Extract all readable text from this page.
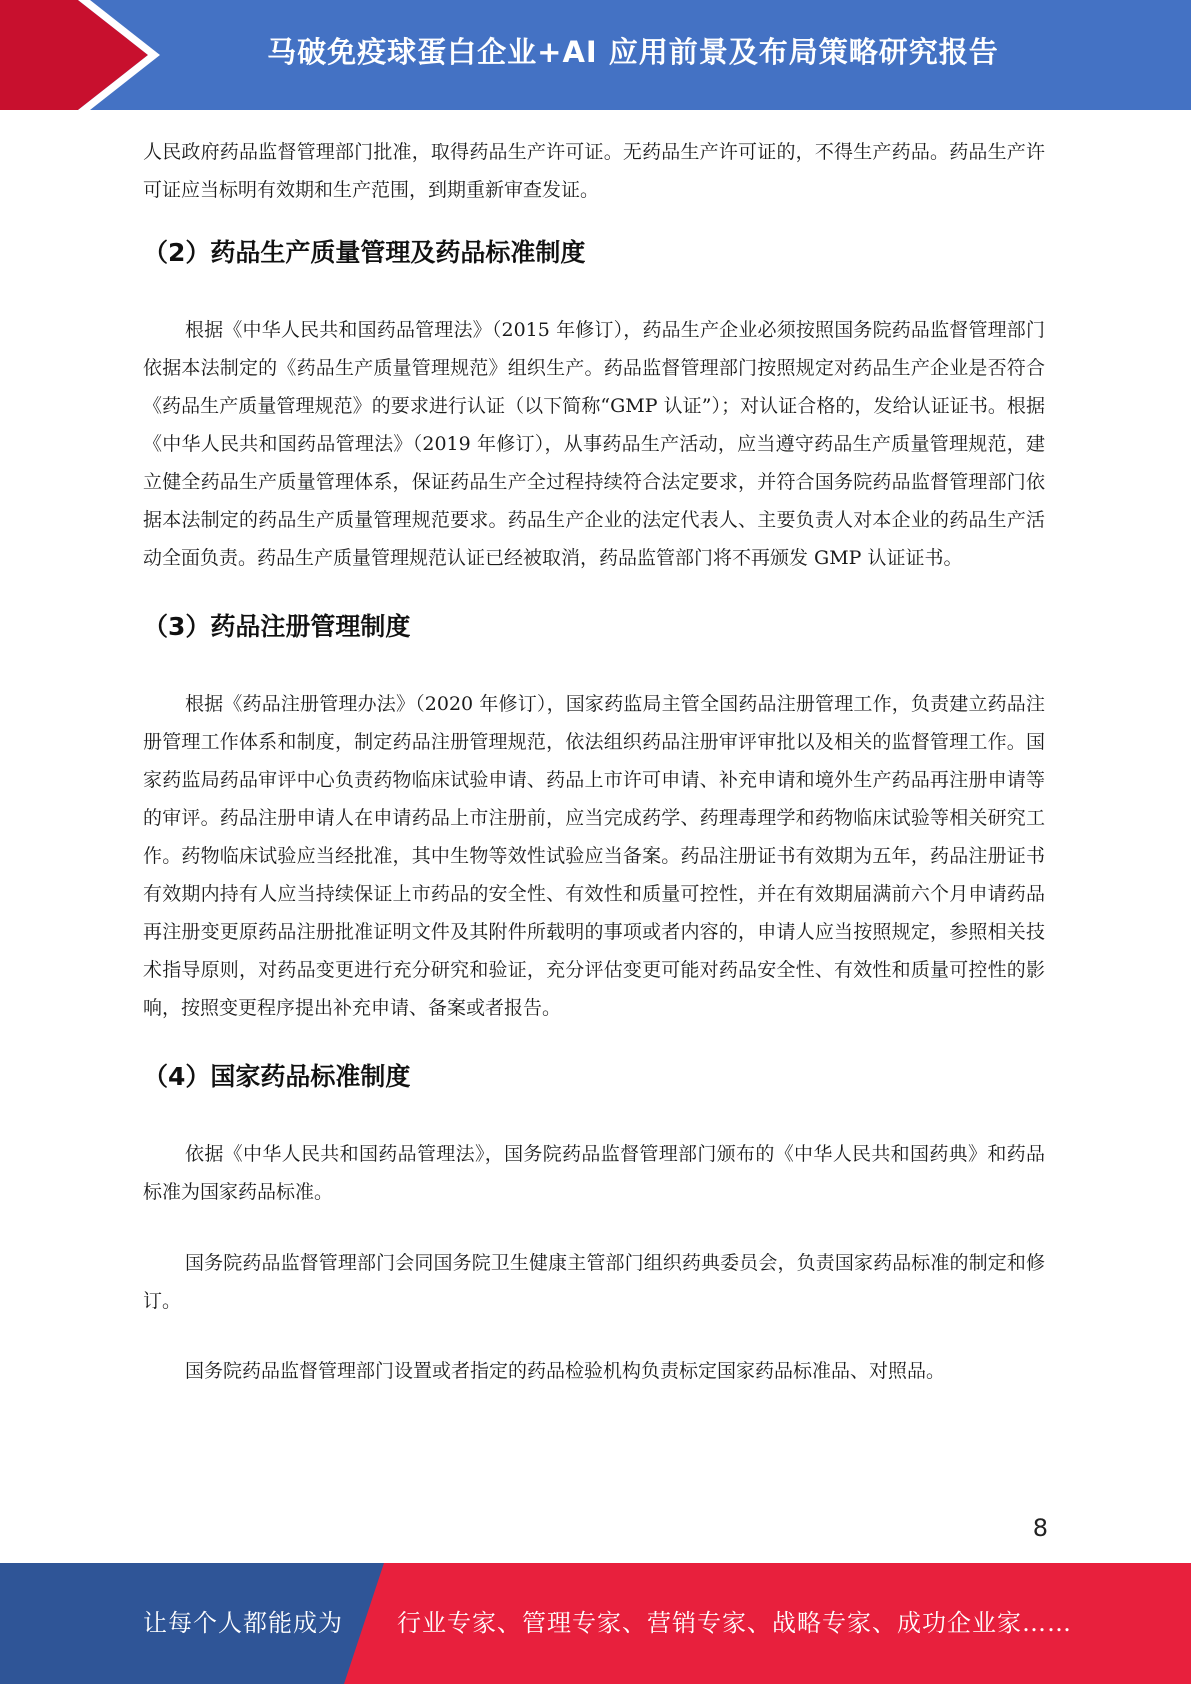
马破免疫球蛋白企业+AI 应用前景及布局策略研究报告

人民政府药品监督管理部门批准，取得药品生产许可证。无药品生产许可证的，不得生产药品。药品生产许可证应当标明有效期和生产范围，到期重新审查发证。

（2）药品生产质量管理及药品标准制度

根据《中华人民共和国药品管理法》（2015 年修订），药品生产企业必须按照国务院药品监督管理部门依据本法制定的《药品生产质量管理规范》组织生产。药品监督管理部门按照规定对药品生产企业是否符合《药品生产质量管理规范》的要求进行认证（以下简称“GMP 认证”）；对认证合格的，发给认证证书。根据《中华人民共和国药品管理法》（2019 年修订），从事药品生产活动，应当遵守药品生产质量管理规范，建立健全药品生产质量管理体系，保证药品生产全过程持续符合法定要求，并符合国务院药品监督管理部门依据本法制定的药品生产质量管理规范要求。药品生产企业的法定代表人、主要负责人对本企业的药品生产活动全面负责。药品生产质量管理规范认证已经被取消，药品监管部门将不再颁发 GMP 认证证书。

（3）药品注册管理制度

根据《药品注册管理办法》（2020 年修订），国家药监局主管全国药品注册管理工作，负责建立药品注册管理工作体系和制度，制定药品注册管理规范，依法组织药品注册审评审批以及相关的监督管理工作。国家药监局药品审评中心负责药物临床试验申请、药品上市许可申请、补充申请和境外生产药品再注册申请等的审评。药品注册申请人在申请药品上市注册前，应当完成药学、药理毒理学和药物临床试验等相关研究工作。药物临床试验应当经批准，其中生物等效性试验应当备案。药品注册证书有效期为五年，药品注册证书有效期内持有人应当持续保证上市药品的安全性、有效性和质量可控性，并在有效期届满前六个月申请药品再注册变更原药品注册批准证明文件及其附件所载明的事项或者内容的，申请人应当按照规定，参照相关技术指导原则，对药品变更进行充分研究和验证，充分评估变更可能对药品安全性、有效性和质量可控性的影响，按照变更程序提出补充申请、备案或者报告。

（4）国家药品标准制度

依据《中华人民共和国药品管理法》，国务院药品监督管理部门颁布的《中华人民共和国药典》和药品标准为国家药品标准。

国务院药品监督管理部门会同国务院卫生健康主管部门组织药典委员会，负责国家药品标准的制定和修订。

国务院药品监督管理部门设置或者指定的药品检验机构负责标定国家药品标准品、对照品。

8
让每个人都能成为 行业专家、管理专家、营销专家、战略专家、成功企业家……
